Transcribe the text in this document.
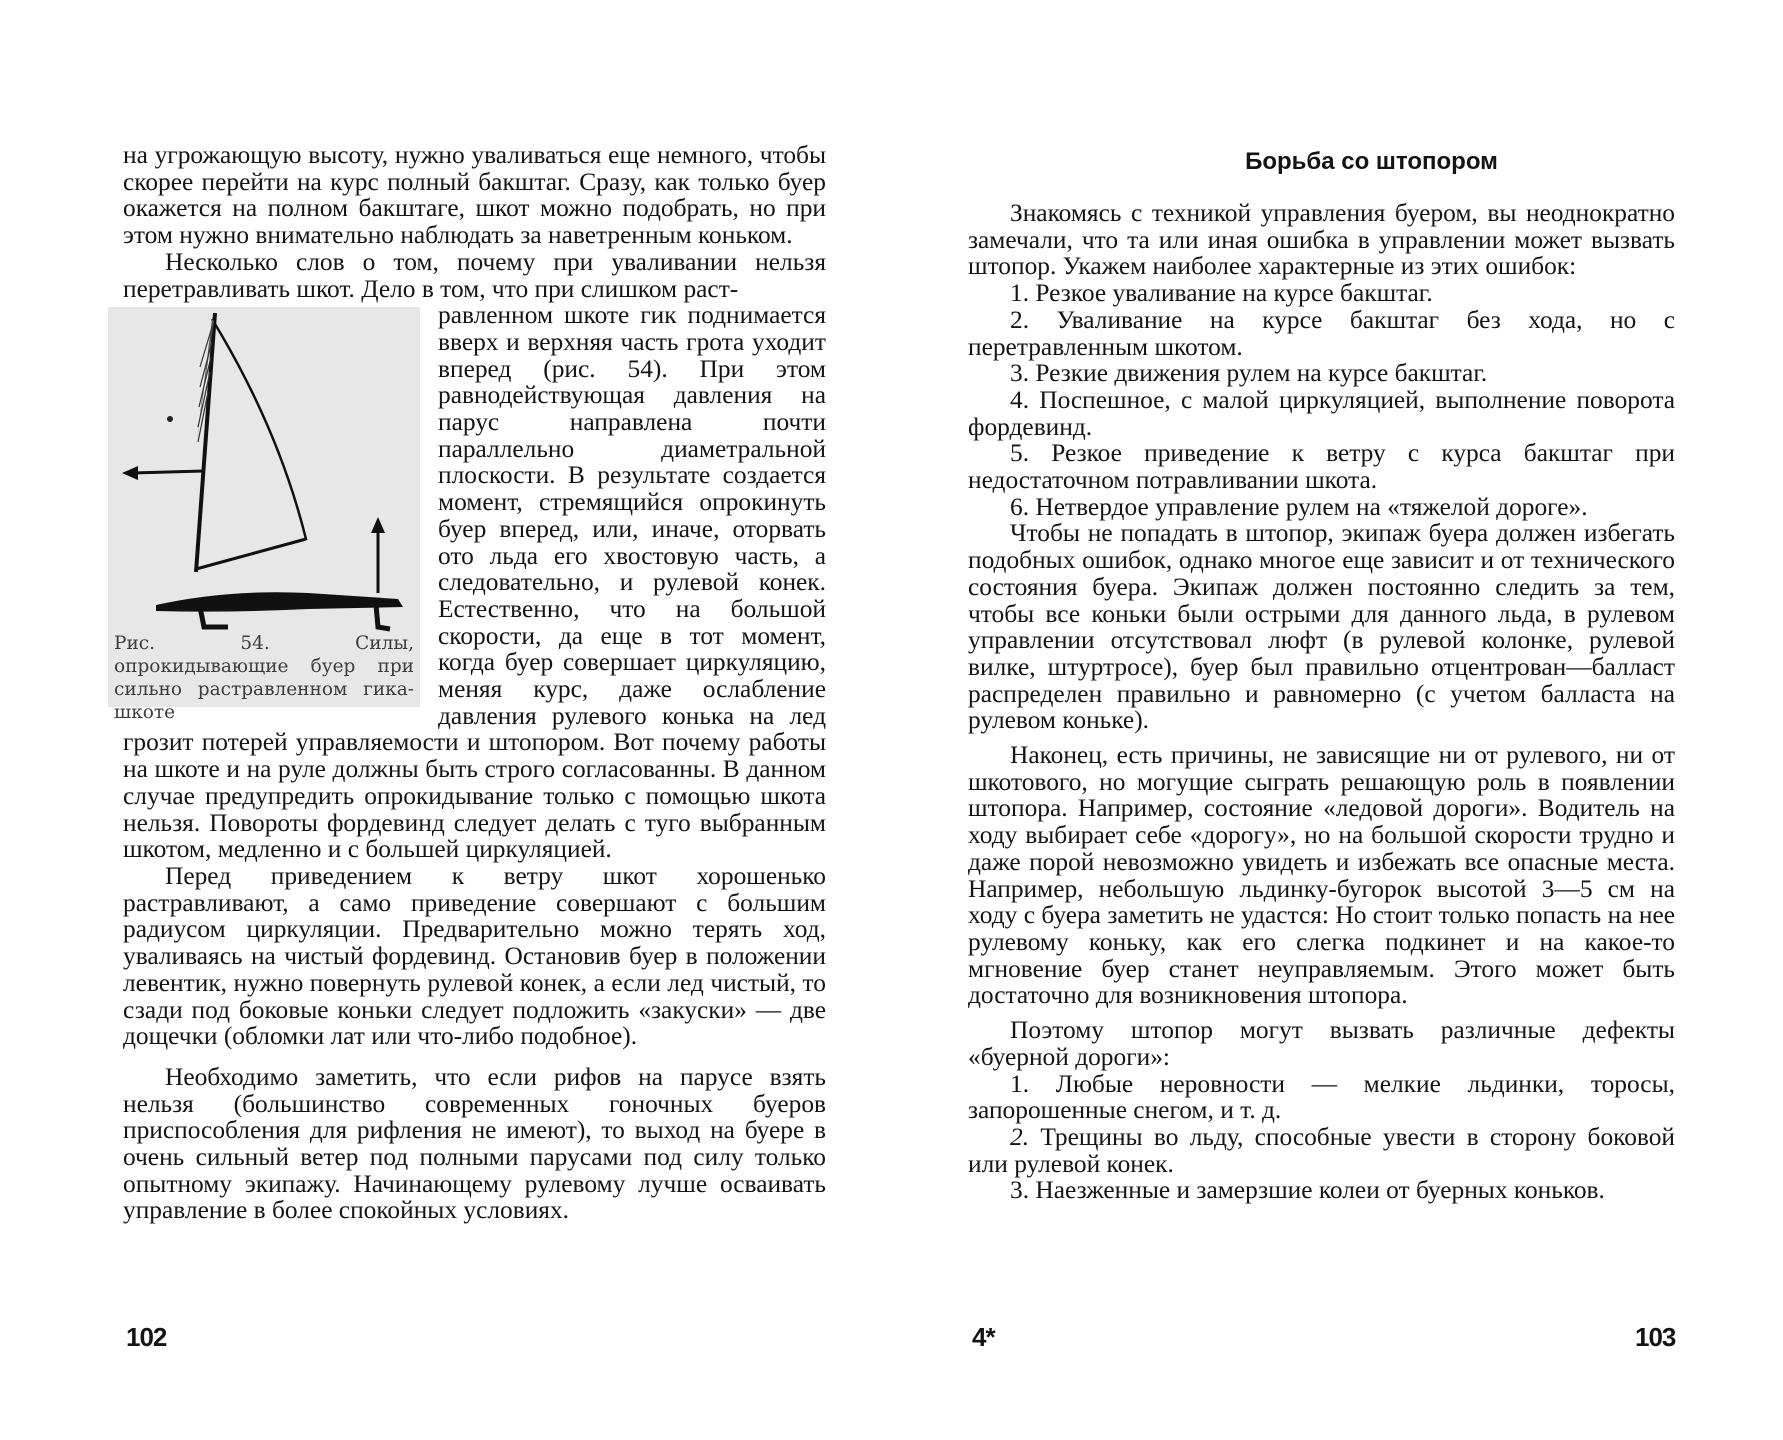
на угрожающую высоту, нужно уваливаться еще немного, чтобы скорее перейти на курс полный бакштаг. Сразу, как только буер окажется на полном бакштаге, шкот можно подобрать, но при этом нужно внимательно наблюдать за наветренным коньком.

Несколько слов о том, почему при уваливании нельзя перетравливать шкот. Дело в том, что при слишком раст-

Рис. 54. Силы, опрокидывающие буер при сильно растравленном гика-шкоте

равленном шкоте гик поднимается вверх и верхняя часть грота уходит вперед (рис. 54). При этом равнодействующая давления на парус направлена почти параллельно диаметральной плоскости. В результате создается момент, стремящийся опрокинуть буер вперед, или, иначе, оторвать ото льда его хвостовую часть, а следовательно, и рулевой конек. Естественно, что на большой скорости, да еще в тот момент, когда буер совершает циркуляцию, меняя курс, даже ослабление давления рулевого конька на лед грозит потерей управляемости и штопором. Вот почему работы на шкоте и на руле должны быть строго согласованны. В данном случае предупредить опрокидывание только с помощью шкота нельзя. Повороты фордевинд следует делать с туго выбранным шкотом, медленно и с большей циркуляцией.

Перед приведением к ветру шкот хорошенько растравливают, а само приведение совершают с большим радиусом циркуляции. Предварительно можно терять ход, уваливаясь на чистый фордевинд. Остановив буер в положении левентик, нужно повернуть рулевой конек, а если лед чистый, то сзади под боковые коньки следует подложить «закуски» — две дощечки (обломки лат или что-либо подобное).

Необходимо заметить, что если рифов на парусе взять нельзя (большинство современных гоночных буеров приспособления для рифления не имеют), то выход на буере в очень сильный ветер под полными парусами под силу только опытному экипажу. Начинающему рулевому лучше осваивать управление в более спокойных условиях.

102
Борьба со штопором

Знакомясь с техникой управления буером, вы неоднократно замечали, что та или иная ошибка в управлении может вызвать штопор. Укажем наиболее характерные из этих ошибок:

1. Резкое уваливание на курсе бакштаг.

2. Уваливание на курсе бакштаг без хода, но с перетравленным шкотом.

3. Резкие движения рулем на курсе бакштаг.

4. Поспешное, с малой циркуляцией, выполнение поворота фордевинд.

5. Резкое приведение к ветру с курса бакштаг при недостаточном потравливании шкота.

6. Нетвердое управление рулем на «тяжелой дороге».

Чтобы не попадать в штопор, экипаж буера должен избегать подобных ошибок, однако многое еще зависит и от технического состояния буера. Экипаж должен постоянно следить за тем, чтобы все коньки были острыми для данного льда, в рулевом управлении отсутствовал люфт (в рулевой колонке, рулевой вилке, штуртросе), буер был правильно отцентрован—балласт распределен правильно и равномерно (с учетом балласта на рулевом коньке).

Наконец, есть причины, не зависящие ни от рулевого, ни от шкотового, но могущие сыграть решающую роль в появлении штопора. Например, состояние «ледовой дороги». Водитель на ходу выбирает себе «дорогу», но на большой скорости трудно и даже порой невозможно увидеть и избежать все опасные места. Например, небольшую льдинку-бугорок высотой 3—5 см на ходу с буера заметить не удастся: Но стоит только попасть на нее рулевому коньку, как его слегка подкинет и на какое-то мгновение буер станет неуправляемым. Этого может быть достаточно для возникновения штопора.

Поэтому штопор могут вызвать различные дефекты «буерной дороги»:

1. Любые неровности — мелкие льдинки, торосы, запорошенные снегом, и т. д.

2. Трещины во льду, способные увести в сторону боковой или рулевой конек.

3. Наезженные и замерзшие колеи от буерных коньков.

4*	103
